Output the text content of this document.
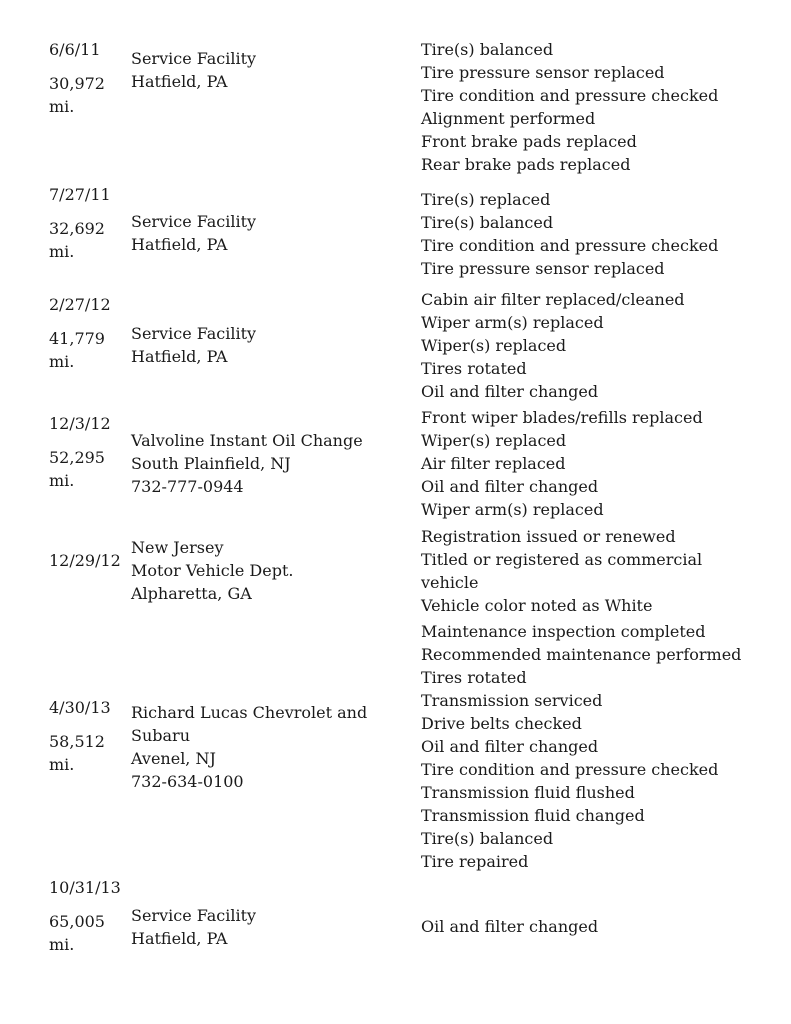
6/6/11
30,972
mi.
Service Facility
Hatfield, PA
Tire(s) balanced
Tire pressure sensor replaced
Tire condition and pressure checked
Alignment performed
Front brake pads replaced
Rear brake pads replaced
7/27/11
32,692
mi.
Service Facility
Hatfield, PA
Tire(s) replaced
Tire(s) balanced
Tire condition and pressure checked
Tire pressure sensor replaced
2/27/12
41,779
mi.
Service Facility
Hatfield, PA
Cabin air filter replaced/cleaned
Wiper arm(s) replaced
Wiper(s) replaced
Tires rotated
Oil and filter changed
12/3/12
52,295
mi.
Valvoline Instant Oil Change
South Plainfield, NJ
732-777-0944
Front wiper blades/refills replaced
Wiper(s) replaced
Air filter replaced
Oil and filter changed
Wiper arm(s) replaced
12/29/12
New Jersey
Motor Vehicle Dept.
Alpharetta, GA
Registration issued or renewed
Titled or registered as commercial vehicle
Vehicle color noted as White
4/30/13
58,512
mi.
Richard Lucas Chevrolet and Subaru
Avenel, NJ
732-634-0100
Maintenance inspection completed
Recommended maintenance performed
Tires rotated
Transmission serviced
Drive belts checked
Oil and filter changed
Tire condition and pressure checked
Transmission fluid flushed
Transmission fluid changed
Tire(s) balanced
Tire repaired
10/31/13
65,005
mi.
Service Facility
Hatfield, PA
Oil and filter changed
